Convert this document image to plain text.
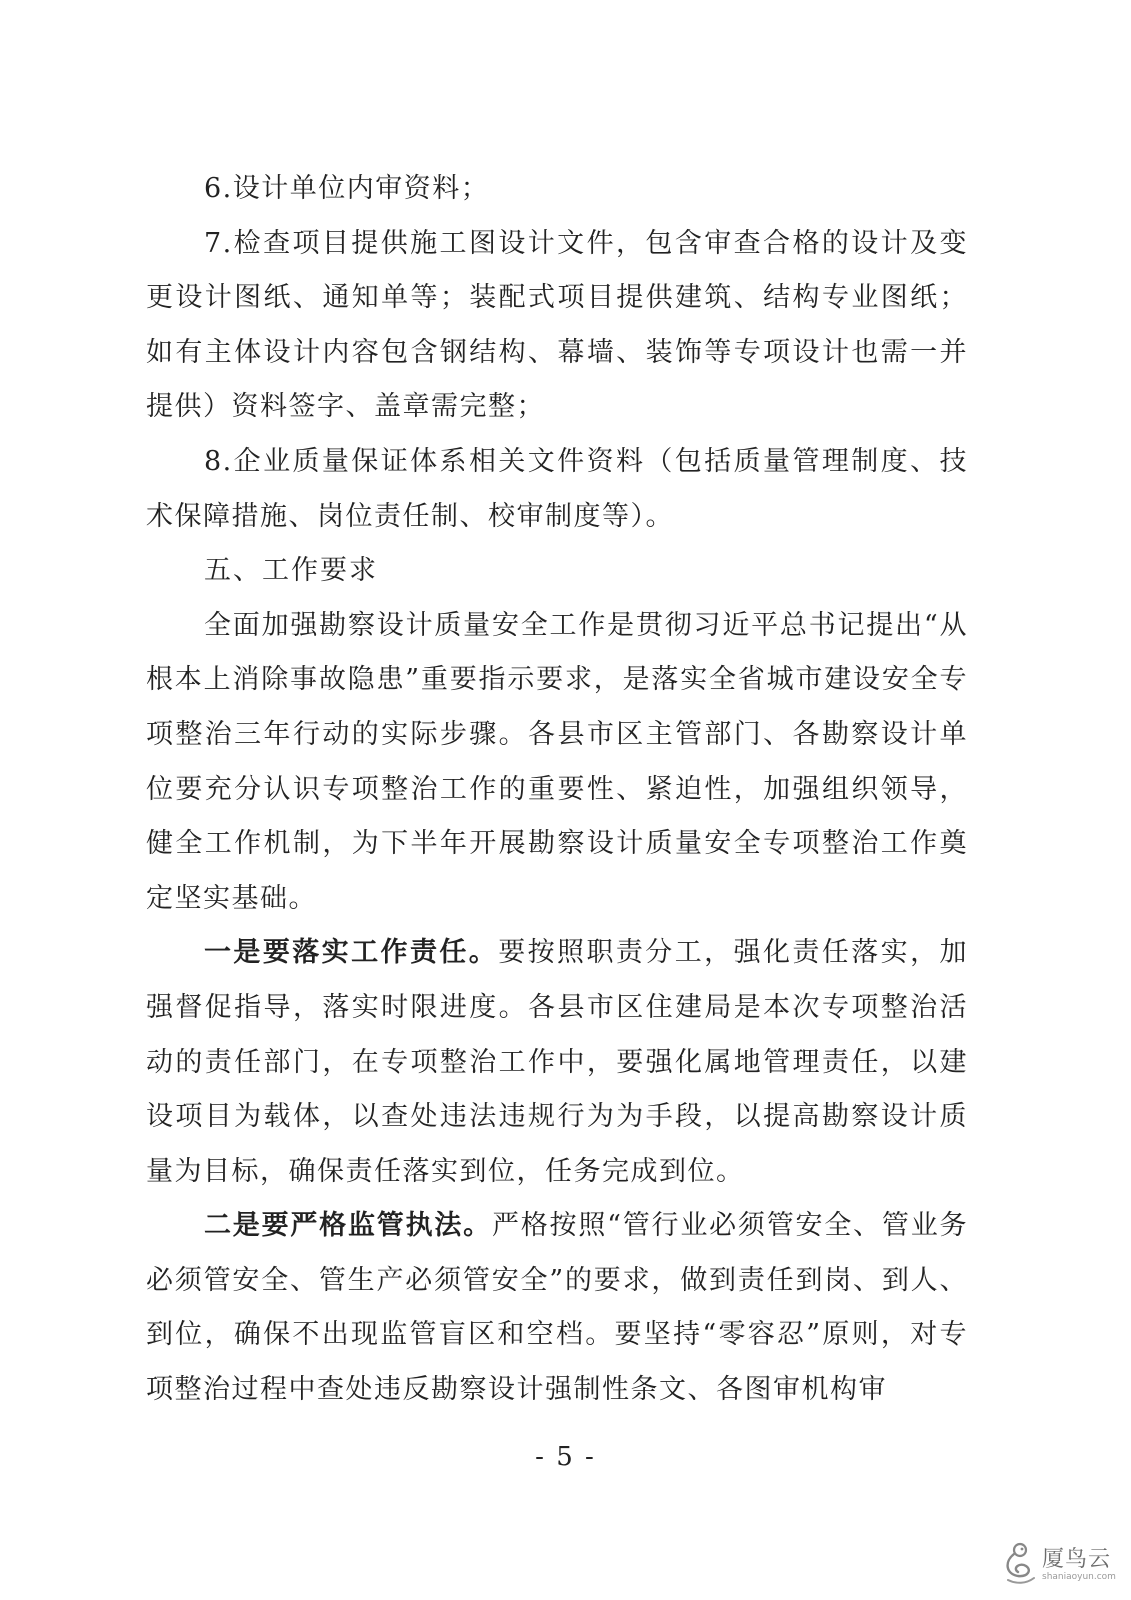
6.设计单位内审资料；

7.检查项目提供施工图设计文件，包含审查合格的设计及变更设计图纸、通知单等；装配式项目提供建筑、结构专业图纸；如有主体设计内容包含钢结构、幕墙、装饰等专项设计也需一并提供）资料签字、盖章需完整；

8.企业质量保证体系相关文件资料（包括质量管理制度、技术保障措施、岗位责任制、校审制度等）。

五、工作要求

全面加强勘察设计质量安全工作是贯彻习近平总书记提出“从根本上消除事故隐患”重要指示要求，是落实全省城市建设安全专项整治三年行动的实际步骤。各县市区主管部门、各勘察设计单位要充分认识专项整治工作的重要性、紧迫性，加强组织领导，健全工作机制，为下半年开展勘察设计质量安全专项整治工作奠定坚实基础。

一是要落实工作责任。要按照职责分工，强化责任落实，加强督促指导，落实时限进度。各县市区住建局是本次专项整治活动的责任部门，在专项整治工作中，要强化属地管理责任，以建设项目为载体，以查处违法违规行为为手段，以提高勘察设计质量为目标，确保责任落实到位，任务完成到位。

二是要严格监管执法。严格按照“管行业必须管安全、管业务必须管安全、管生产必须管安全”的要求，做到责任到岗、到人、到位，确保不出现监管盲区和空档。要坚持“零容忍”原则，对专项整治过程中查处违反勘察设计强制性条文、各图审机构审

- 5 -
厦鸟云
shaniaoyun.com
